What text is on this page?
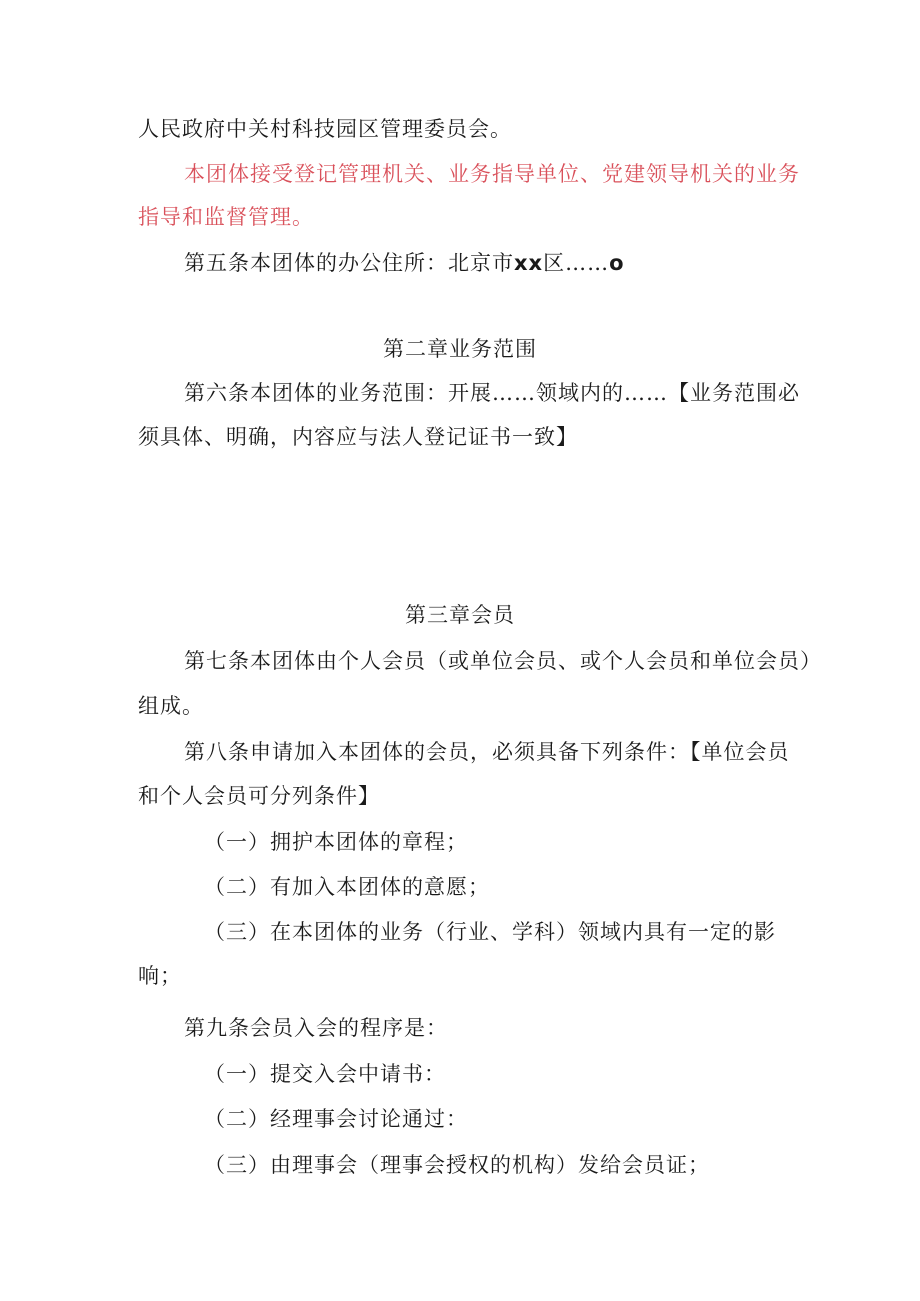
人民政府中关村科技园区管理委员会。
本团体接受登记管理机关、业务指导单位、党建领导机关的业务
指导和监督管理。
第五条本团体的办公住所：北京市xx区……o
第二章业务范围
第六条本团体的业务范围：开展……领域内的……【业务范围必
须具体、明确，内容应与法人登记证书一致】
第三章会员
第七条本团体由个人会员（或单位会员、或个人会员和单位会员）
组成。
第八条申请加入本团体的会员，必须具备下列条件：【单位会员
和个人会员可分列条件】
（一）拥护本团体的章程；
（二）有加入本团体的意愿；
（三）在本团体的业务（行业、学科）领域内具有一定的影
响；
第九条会员入会的程序是：
（一）提交入会中请书：
（二）经理事会讨论通过：
（三）由理事会（理事会授权的机构）发给会员证；
